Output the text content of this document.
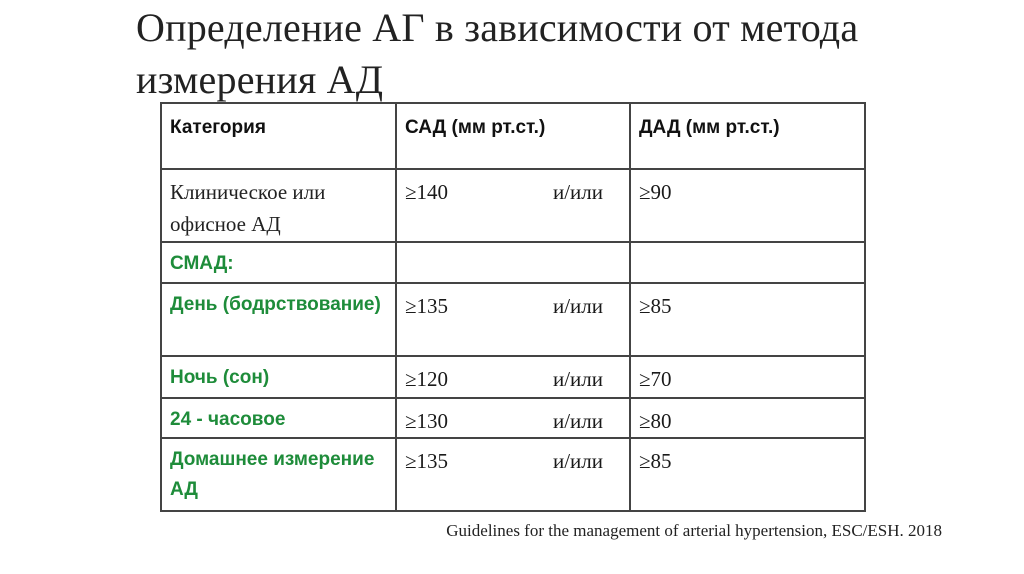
Определение АГ в зависимости от метода измерения АД
Категория	САД (мм рт.ст.)	ДАД (мм рт.ст.)
Клиническое или офисное АД	≥140 и/или	≥90
СМАД:	

День (бодрствование)	≥135 и/или	≥85
Ночь (сон)	≥120 и/или	≥70
24 - часовое	≥130 и/или	≥80
Домашнее измерение АД	≥135 и/или	≥85
Guidelines for the management of arterial hypertension, ESC/ESH. 2018
